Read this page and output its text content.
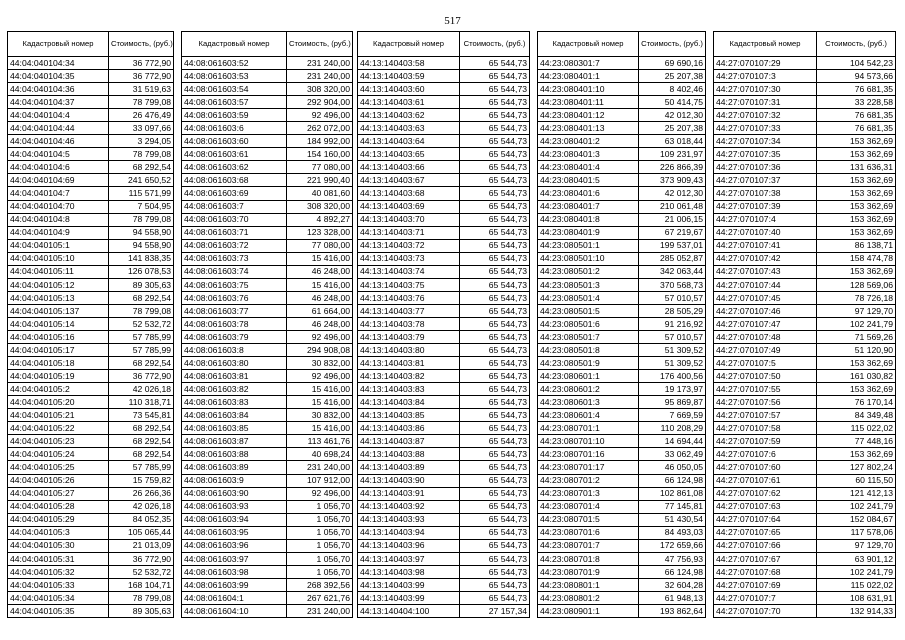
517
Кадастровый номер	Стоимость, (руб.)
44:04:040104:34	36 772,90
44:04:040104:35	36 772,90
44:04:040104:36	31 519,63
44:04:040104:37	78 799,08
44:04:040104:4	26 476,49
44:04:040104:44	33 097,66
44:04:040104:46	3 294,05
44:04:040104:5	78 799,08
44:04:040104:6	68 292,54
44:04:040104:69	241 650,52
44:04:040104:7	115 571,99
44:04:040104:70	7 504,95
44:04:040104:8	78 799,08
44:04:040104:9	94 558,90
44:04:040105:1	94 558,90
44:04:040105:10	141 838,35
44:04:040105:11	126 078,53
44:04:040105:12	89 305,63
44:04:040105:13	68 292,54
44:04:040105:137	78 799,08
44:04:040105:14	52 532,72
44:04:040105:16	57 785,99
44:04:040105:17	57 785,99
44:04:040105:18	68 292,54
44:04:040105:19	36 772,90
44:04:040105:2	42 026,18
44:04:040105:20	110 318,71
44:04:040105:21	73 545,81
44:04:040105:22	68 292,54
44:04:040105:23	68 292,54
44:04:040105:24	68 292,54
44:04:040105:25	57 785,99
44:04:040105:26	15 759,82
44:04:040105:27	26 266,36
44:04:040105:28	42 026,18
44:04:040105:29	84 052,35
44:04:040105:3	105 065,44
44:04:040105:30	21 013,09
44:04:040105:31	36 772,90
44:04:040105:32	52 532,72
44:04:040105:33	168 104,71
44:04:040105:34	78 799,08
44:04:040105:35	89 305,63
Кадастровый номер	Стоимость, (руб.)
44:08:061603:52	231 240,00
44:08:061603:53	231 240,00
44:08:061603:54	308 320,00
44:08:061603:57	292 904,00
44:08:061603:59	92 496,00
44:08:061603:6	262 072,00
44:08:061603:60	184 992,00
44:08:061603:61	154 160,00
44:08:061603:62	77 080,00
44:08:061603:68	221 990,40
44:08:061603:69	40 081,60
44:08:061603:7	308 320,00
44:08:061603:70	4 892,27
44:08:061603:71	123 328,00
44:08:061603:72	77 080,00
44:08:061603:73	15 416,00
44:08:061603:74	46 248,00
44:08:061603:75	15 416,00
44:08:061603:76	46 248,00
44:08:061603:77	61 664,00
44:08:061603:78	46 248,00
44:08:061603:79	92 496,00
44:08:061603:8	294 908,08
44:08:061603:80	30 832,00
44:08:061603:81	92 496,00
44:08:061603:82	15 416,00
44:08:061603:83	15 416,00
44:08:061603:84	30 832,00
44:08:061603:85	15 416,00
44:08:061603:87	113 461,76
44:08:061603:88	40 698,24
44:08:061603:89	231 240,00
44:08:061603:9	107 912,00
44:08:061603:90	92 496,00
44:08:061603:93	1 056,70
44:08:061603:94	1 056,70
44:08:061603:95	1 056,70
44:08:061603:96	1 056,70
44:08:061603:97	1 056,70
44:08:061603:98	1 056,70
44:08:061603:99	268 392,56
44:08:061604:1	267 621,76
44:08:061604:10	231 240,00
Кадастровый номер	Стоимость, (руб.)
44:13:140403:58	65 544,73
44:13:140403:59	65 544,73
44:13:140403:60	65 544,73
44:13:140403:61	65 544,73
44:13:140403:62	65 544,73
44:13:140403:63	65 544,73
44:13:140403:64	65 544,73
44:13:140403:65	65 544,73
44:13:140403:66	65 544,73
44:13:140403:67	65 544,73
44:13:140403:68	65 544,73
44:13:140403:69	65 544,73
44:13:140403:70	65 544,73
44:13:140403:71	65 544,73
44:13:140403:72	65 544,73
44:13:140403:73	65 544,73
44:13:140403:74	65 544,73
44:13:140403:75	65 544,73
44:13:140403:76	65 544,73
44:13:140403:77	65 544,73
44:13:140403:78	65 544,73
44:13:140403:79	65 544,73
44:13:140403:80	65 544,73
44:13:140403:81	65 544,73
44:13:140403:82	65 544,73
44:13:140403:83	65 544,73
44:13:140403:84	65 544,73
44:13:140403:85	65 544,73
44:13:140403:86	65 544,73
44:13:140403:87	65 544,73
44:13:140403:88	65 544,73
44:13:140403:89	65 544,73
44:13:140403:90	65 544,73
44:13:140403:91	65 544,73
44:13:140403:92	65 544,73
44:13:140403:93	65 544,73
44:13:140403:94	65 544,73
44:13:140403:96	65 544,73
44:13:140403:97	65 544,73
44:13:140403:98	65 544,73
44:13:140403:99	65 544,73
44:13:140403:99	65 544,73
44:13:140404:100	27 157,34
Кадастровый номер	Стоимость, (руб.)
44:23:080301:7	69 690,16
44:23:080401:1	25 207,38
44:23:080401:10	8 402,46
44:23:080401:11	50 414,75
44:23:080401:12	42 012,30
44:23:080401:13	25 207,38
44:23:080401:2	63 018,44
44:23:080401:3	109 231,97
44:23:080401:4	226 866,39
44:23:080401:5	373 909,43
44:23:080401:6	42 012,30
44:23:080401:7	210 061,48
44:23:080401:8	21 006,15
44:23:080401:9	67 219,67
44:23:080501:1	199 537,01
44:23:080501:10	285 052,87
44:23:080501:2	342 063,44
44:23:080501:3	370 568,73
44:23:080501:4	57 010,57
44:23:080501:5	28 505,29
44:23:080501:6	91 216,92
44:23:080501:7	57 010,57
44:23:080501:8	51 309,52
44:23:080501:9	51 309,52
44:23:080601:1	176 400,56
44:23:080601:2	19 173,97
44:23:080601:3	95 869,87
44:23:080601:4	7 669,59
44:23:080701:1	110 208,29
44:23:080701:10	14 694,44
44:23:080701:16	33 062,49
44:23:080701:17	46 050,05
44:23:080701:2	66 124,98
44:23:080701:3	102 861,08
44:23:080701:4	77 145,81
44:23:080701:5	51 430,54
44:23:080701:6	84 493,03
44:23:080701:7	172 659,66
44:23:080701:8	47 756,93
44:23:080701:9	66 124,98
44:23:080801:1	32 604,28
44:23:080801:2	61 948,13
44:23:080901:1	193 862,64
Кадастровый номер	Стоимость, (руб.)
44:27:070107:29	104 542,23
44:27:070107:3	94 573,66
44:27:070107:30	76 681,35
44:27:070107:31	33 228,58
44:27:070107:32	76 681,35
44:27:070107:33	76 681,35
44:27:070107:34	153 362,69
44:27:070107:35	153 362,69
44:27:070107:36	131 636,31
44:27:070107:37	153 362,69
44:27:070107:38	153 362,69
44:27:070107:39	153 362,69
44:27:070107:4	153 362,69
44:27:070107:40	153 362,69
44:27:070107:41	86 138,71
44:27:070107:42	158 474,78
44:27:070107:43	153 362,69
44:27:070107:44	128 569,06
44:27:070107:45	78 726,18
44:27:070107:46	97 129,70
44:27:070107:47	102 241,79
44:27:070107:48	71 569,26
44:27:070107:49	51 120,90
44:27:070107:5	153 362,69
44:27:070107:50	161 030,82
44:27:070107:55	153 362,69
44:27:070107:56	76 170,14
44:27:070107:57	84 349,48
44:27:070107:58	115 022,02
44:27:070107:59	77 448,16
44:27:070107:6	153 362,69
44:27:070107:60	127 802,24
44:27:070107:61	60 115,50
44:27:070107:62	121 412,13
44:27:070107:63	102 241,79
44:27:070107:64	152 084,67
44:27:070107:65	117 578,06
44:27:070107:66	97 129,70
44:27:070107:67	63 901,12
44:27:070107:68	102 241,79
44:27:070107:69	115 022,02
44:27:070107:7	108 631,91
44:27:070107:70	132 914,33
